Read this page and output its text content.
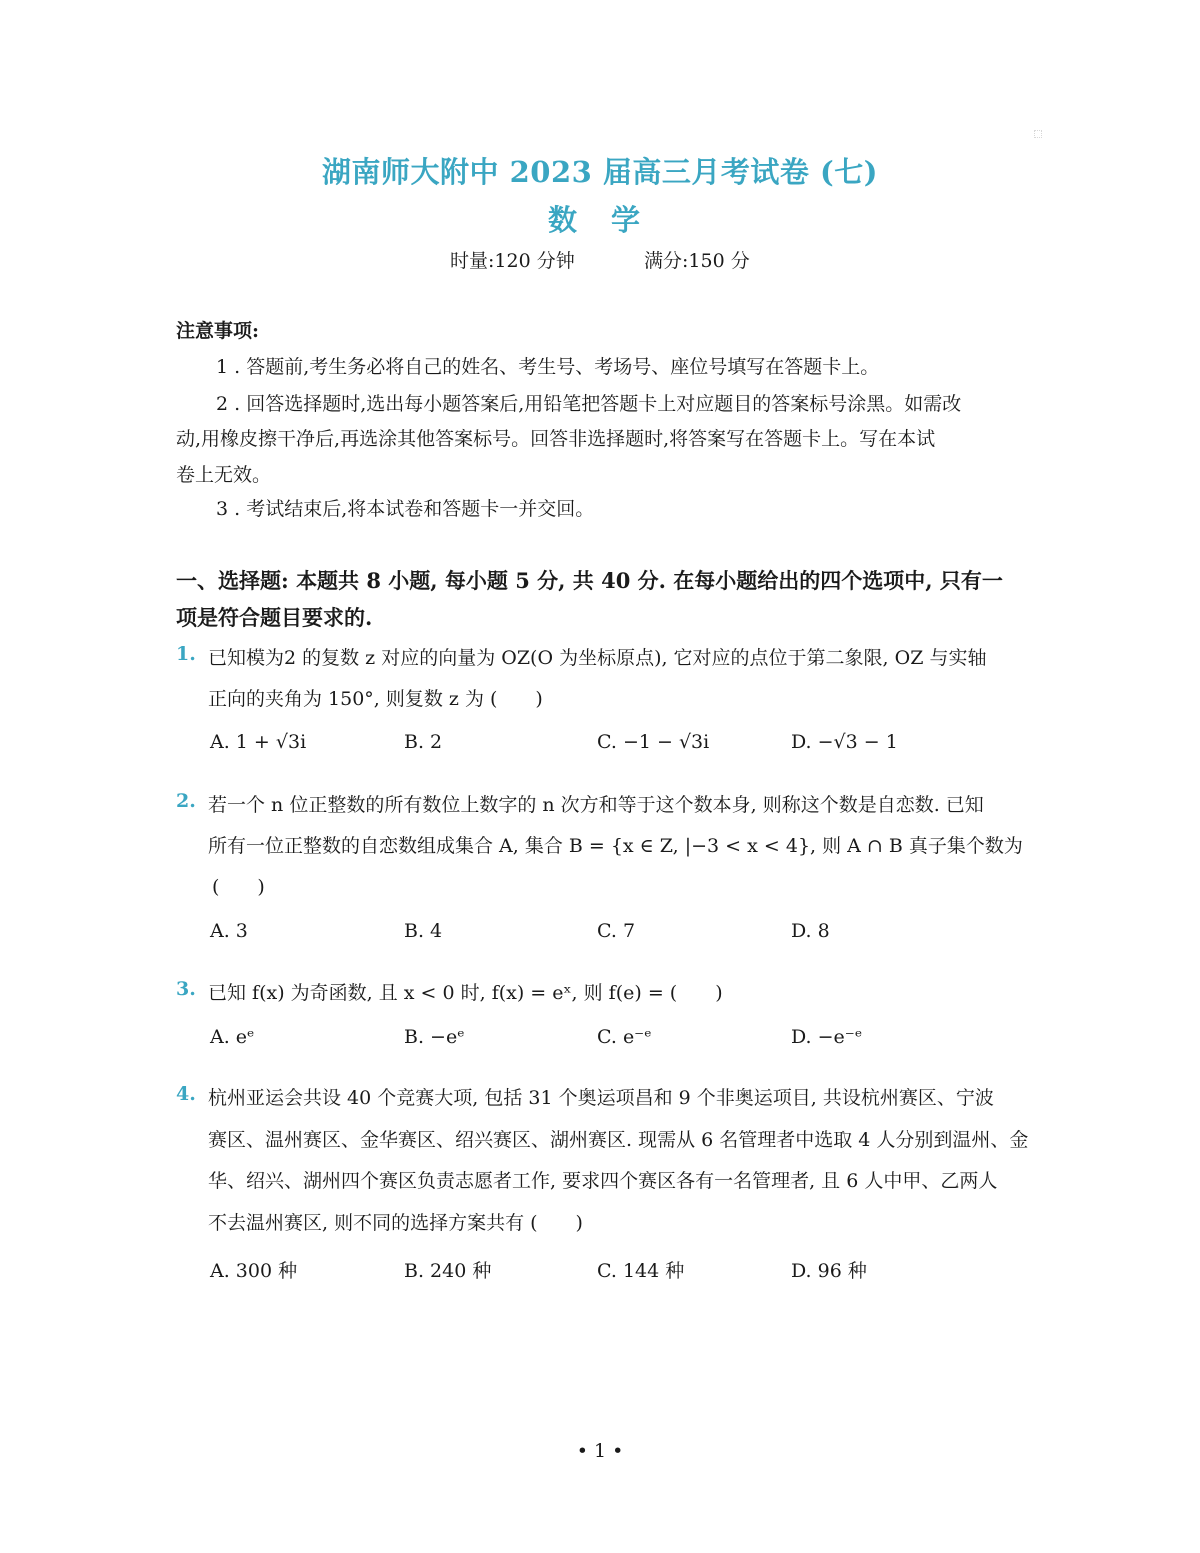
湖南师大附中 2023 届高三月考试卷 (七)
数 学
时量:120 分钟	满分:150 分
注意事项:
1 . 答题前,考生务必将自己的姓名、考生号、考场号、座位号填写在答题卡上。
2 . 回答选择题时,选出每小题答案后,用铅笔把答题卡上对应题目的答案标号涂黑。如需改
动,用橡皮擦干净后,再选涂其他答案标号。回答非选择题时,将答案写在答题卡上。写在本试
卷上无效。
3 . 考试结束后,将本试卷和答题卡一并交回。
一、选择题: 本题共 8 小题, 每小题 5 分, 共 40 分. 在每小题给出的四个选项中, 只有一
项是符合题目要求的.
1. 已知模为2 的复数 z 对应的向量为 OZ(O 为坐标原点), 它对应的点位于第二象限, OZ 与实轴
正向的夹角为 150°, 则复数 z 为 (　　)
A. 1 + √3i	B. 2	C. −1 − √3i	D. −√3 − 1
2. 若一个 n 位正整数的所有数位上数字的 n 次方和等于这个数本身, 则称这个数是自恋数. 已知
所有一位正整数的自恋数组成集合 A, 集合 B = {x ∈ Z, |−3 < x < 4}, 则 A ∩ B 真子集个数为
(　　)
A. 3	B. 4	C. 7	D. 8
3. 已知 f(x) 为奇函数, 且 x < 0 时, f(x) = eˣ, 则 f(e) = (　　)
A. eᵉ	B. −eᵉ	C. e⁻ᵉ	D. −e⁻ᵉ
4. 杭州亚运会共设 40 个竞赛大项, 包括 31 个奥运项昌和 9 个非奥运项目, 共设杭州赛区、宁波
赛区、温州赛区、金华赛区、绍兴赛区、湖州赛区. 现需从 6 名管理者中选取 4 人分别到温州、金
华、绍兴、湖州四个赛区负责志愿者工作, 要求四个赛区各有一名管理者, 且 6 人中甲、乙两人
不去温州赛区, 则不同的选择方案共有 (　　)
A. 300 种	B. 240 种	C. 144 种	D. 96 种
• 1 •
